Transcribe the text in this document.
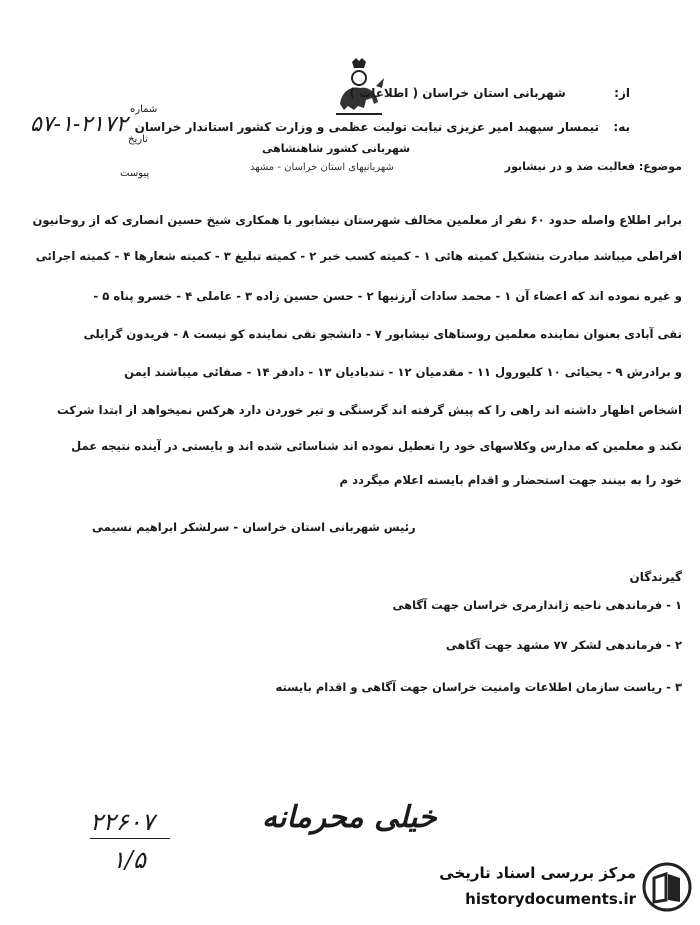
از:  شهربانی استان خراسان ( اطلاعات )
به:  تیمسار سپهبد امیر عزیزی نیابت تولیت عظمی و وزارت کشور استاندار خراسان
شهربانی کشور شاهنشاهی
شهربانیهای استان خراسان - مشهد	موضوع: فعالیت ضد و در نیشابور
شماره
تاریخ
پیوست
۵۷-۱-۲۱۷۲
برابر اطلاع واصله حدود ۶۰ نفر از معلمین مخالف شهرستان نیشابور با همکاری شیخ حسین انصاری که از روحانیون
افراطی میباشد مبادرت بتشکیل کمیته هائی ۱ - کمیته کسب خبر ۲ - کمیته تبلیغ ۳ - کمیته شعارها ۴ - کمیته اجرائی
و غیره نموده اند که اعضاء آن ۱ - محمد سادات آرزنیها ۲ - حسن حسین زاده ۳ - عاملی ۴ - خسرو پناه ۵ -
تقی آبادی بعنوان نماینده معلمین روستاهای نیشابور ۷ - دانشجو تقی نماینده کو نیست ۸ - فریدون گرایلی
و برادرش ۹ - یحیائی ۱۰ کلیورول ۱۱ - مقدمیان ۱۲ - تندبادیان ۱۳ - دادفر ۱۴ - صفائی میباشند ایمن
اشخاص اظهار داشته اند راهی را که پیش گرفته اند گرسنگی و تیر خوردن دارد هرکس نمیخواهد از ابتدا شرکت
نکند و معلمین که مدارس وکلاسهای خود را تعطیل نموده اند شناسائی شده اند و بایستی در آینده نتیجه عمل
خود را به بینند جهت استحضار و اقدام بایسته اعلام میگردد م
رئیس شهربانی استان خراسان - سرلشکر ابراهیم نسیمی
گیرندگان
۱ - فرماندهی ناحیه ژاندارمری خراسان جهت آگاهی
۲ - فرماندهی لشکر ۷۷ مشهد جهت آگاهی
۳ - ریاست سازمان اطلاعات وامنیت خراسان جهت آگاهی و اقدام بایسته
خیلی محرمانه
۲۲۶۰۷
۱/۵	مرکز بررسی اسناد تاریخی
historydocuments.ir
